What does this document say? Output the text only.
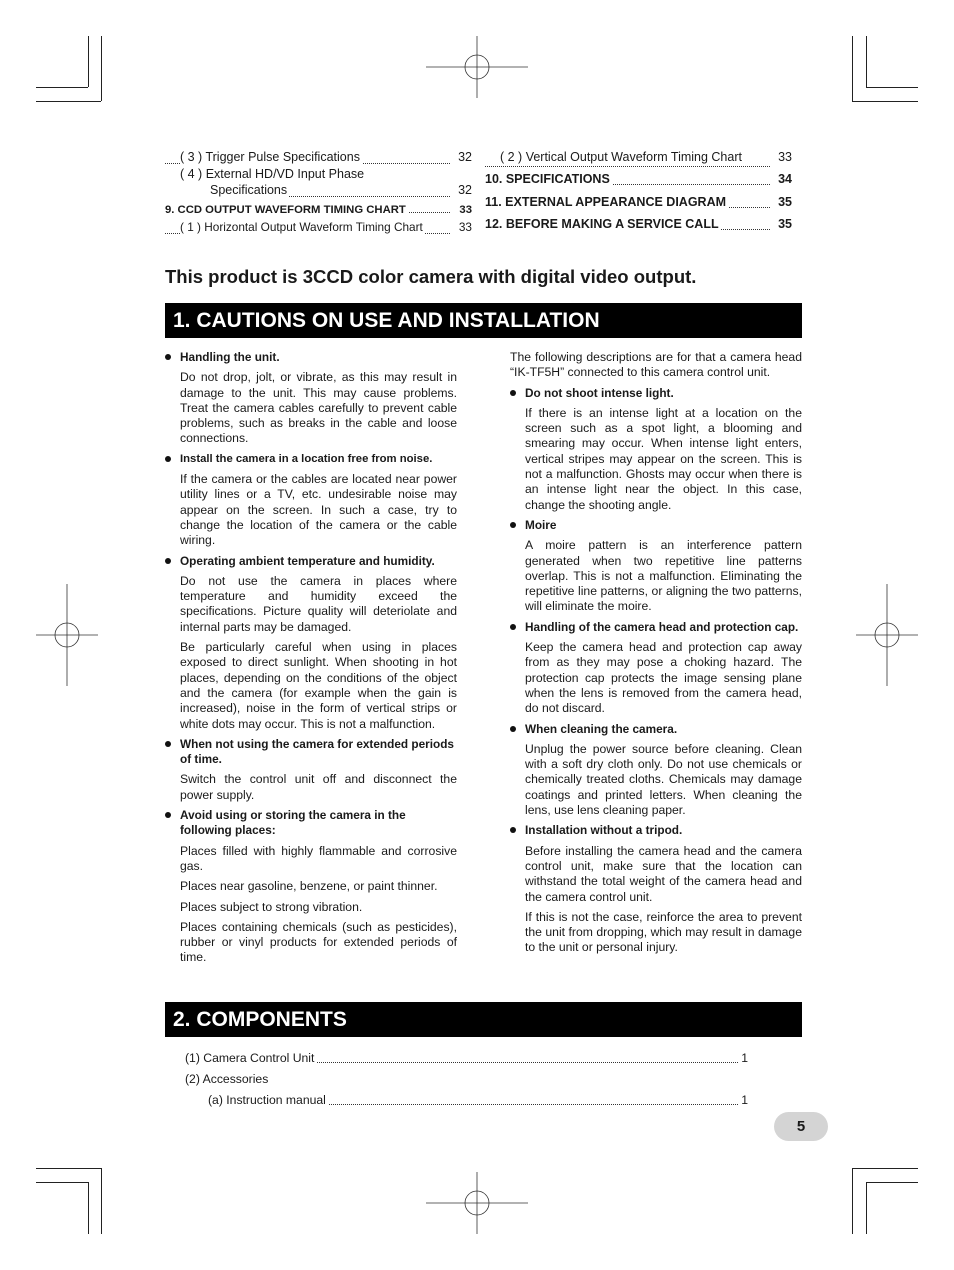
( 3 ) Trigger Pulse Specifications	32
( 4 ) External HD/VD Input Phase
Specifications	32
9. CCD OUTPUT WAVEFORM TIMING CHART	33
( 1 ) Horizontal Output Waveform Timing Chart	33
( 2 ) Vertical Output Waveform Timing Chart	33
10. SPECIFICATIONS	34
11. EXTERNAL APPEARANCE DIAGRAM	35
12. BEFORE MAKING A SERVICE CALL	35
This product is 3CCD color camera with digital video output.
1. CAUTIONS ON USE AND INSTALLATION
Handling the unit.

Do not drop, jolt, or vibrate, as this may result in damage to the unit. This may cause problems. Treat the camera cables carefully to prevent cable problems, such as breaks in the cable and loose connections.

Install the camera in a location free from noise.

If the camera or the cables are located near power utility lines or a TV, etc. undesirable noise may appear on the screen. In such a case, try to change the location of the camera or the cable wiring.

Operating ambient temperature and humidity.

Do not use the camera in places where temperature and humidity exceed the specifications. Picture quality will deteriolate and internal parts may be damaged.

Be particularly careful when using in places exposed to direct sunlight. When shooting in hot places, depending on the conditions of the object and the camera (for example when the gain is increased), noise in the form of vertical strips or white dots may occur. This is not a malfunction.

When not using the camera for extended periods of time.

Switch the control unit off and disconnect the power supply.

Avoid using or storing the camera in the following places:

Places filled with highly flammable and corrosive gas.

Places near gasoline, benzene, or paint thinner.

Places subject to strong vibration.

Places containing chemicals (such as pesticides), rubber or vinyl products for extended periods of time.

The following descriptions are for that a camera head “IK-TF5H” connected to this camera control unit.

Do not shoot intense light.

If there is an intense light at a location on the screen such as a spot light, a blooming and smearing may occur. When intense light enters, vertical stripes may appear on the screen. This is not a malfunction. Ghosts may occur when there is an intense light near the object. In this case, change the shooting angle.

Moire

A moire pattern is an interference pattern generated when two repetitive line patterns overlap. This is not a malfunction. Eliminating the repetitive line patterns, or aligning the two patterns, will eliminate the moire.

Handling of the camera head and protection cap.

Keep the camera head and protection cap away from as they may pose a choking hazard. The protection cap protects the image sensing plane when the lens is removed from the camera head, do not discard.

When cleaning the camera.

Unplug the power source before cleaning. Clean with a soft dry cloth only. Do not use chemicals or chemically treated cloths. Chemicals may damage coatings and printed letters. When cleaning the lens, use lens cleaning paper.

Installation without a tripod.

Before installing the camera head and the camera control unit, make sure that the location can withstand the total weight of the camera head and the camera control unit.

If this is not the case, reinforce the area to prevent the unit from dropping, which may result in damage to the unit or personal injury.

2. COMPONENTS
(1) Camera Control Unit	1
(2) Accessories
(a) Instruction manual	1
5
